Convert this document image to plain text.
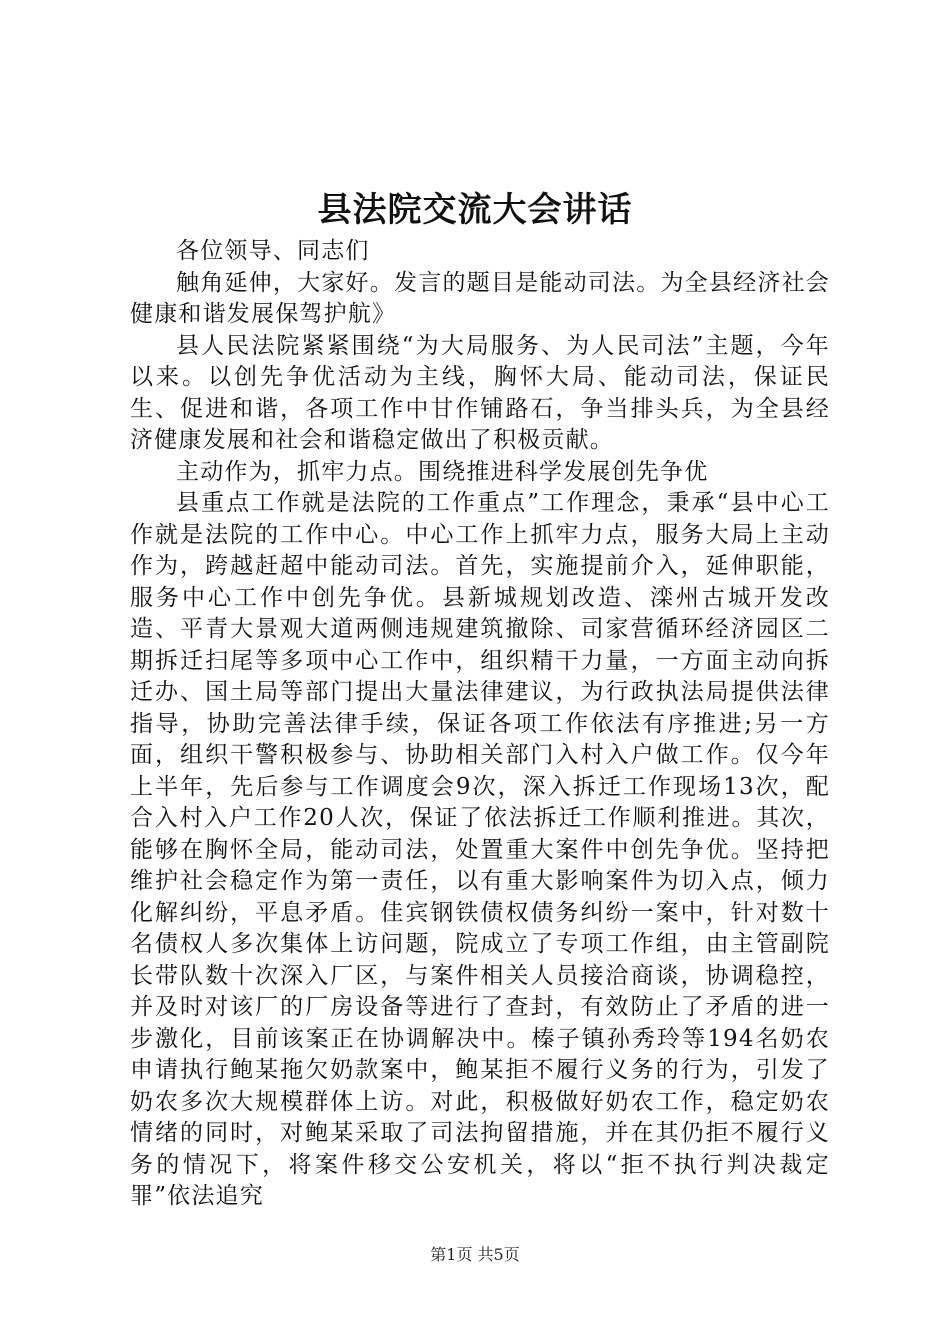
县法院交流大会讲话

各位领导、同志们

触角延伸，大家好。发言的题目是能动司法。为全县经济社会健康和谐发展保驾护航》

县人民法院紧紧围绕“为大局服务、为人民司法”主题，今年以来。以创先争优活动为主线，胸怀大局、能动司法，保证民生、促进和谐，各项工作中甘作铺路石，争当排头兵，为全县经济健康发展和社会和谐稳定做出了积极贡献。

主动作为，抓牢力点。围绕推进科学发展创先争优

县重点工作就是法院的工作重点”工作理念，秉承“县中心工作就是法院的工作中心。中心工作上抓牢力点，服务大局上主动作为，跨越赶超中能动司法。首先，实施提前介入，延伸职能，服务中心工作中创先争优。县新城规划改造、滦州古城开发改造、平青大景观大道两侧违规建筑撤除、司家营循环经济园区二期拆迁扫尾等多项中心工作中，组织精干力量，一方面主动向拆迁办、国土局等部门提出大量法律建议，为行政执法局提供法律指导，协助完善法律手续，保证各项工作依法有序推进;另一方面，组织干警积极参与、协助相关部门入村入户做工作。仅今年上半年，先后参与工作调度会9次，深入拆迁工作现场13次，配合入村入户工作20人次，保证了依法拆迁工作顺利推进。其次，能够在胸怀全局，能动司法，处置重大案件中创先争优。坚持把维护社会稳定作为第一责任，以有重大影响案件为切入点，倾力化解纠纷，平息矛盾。佳宾钢铁债权债务纠纷一案中，针对数十名债权人多次集体上访问题，院成立了专项工作组，由主管副院长带队数十次深入厂区，与案件相关人员接洽商谈，协调稳控，并及时对该厂的厂房设备等进行了查封，有效防止了矛盾的进一步激化，目前该案正在协调解决中。榛子镇孙秀玲等194名奶农申请执行鲍某拖欠奶款案中，鲍某拒不履行义务的行为，引发了奶农多次大规模群体上访。对此，积极做好奶农工作，稳定奶农情绪的同时，对鲍某采取了司法拘留措施，并在其仍拒不履行义务的情况下，将案件移交公安机关，将以“拒不执行判决裁定罪”依法追究

第1页 共5页
